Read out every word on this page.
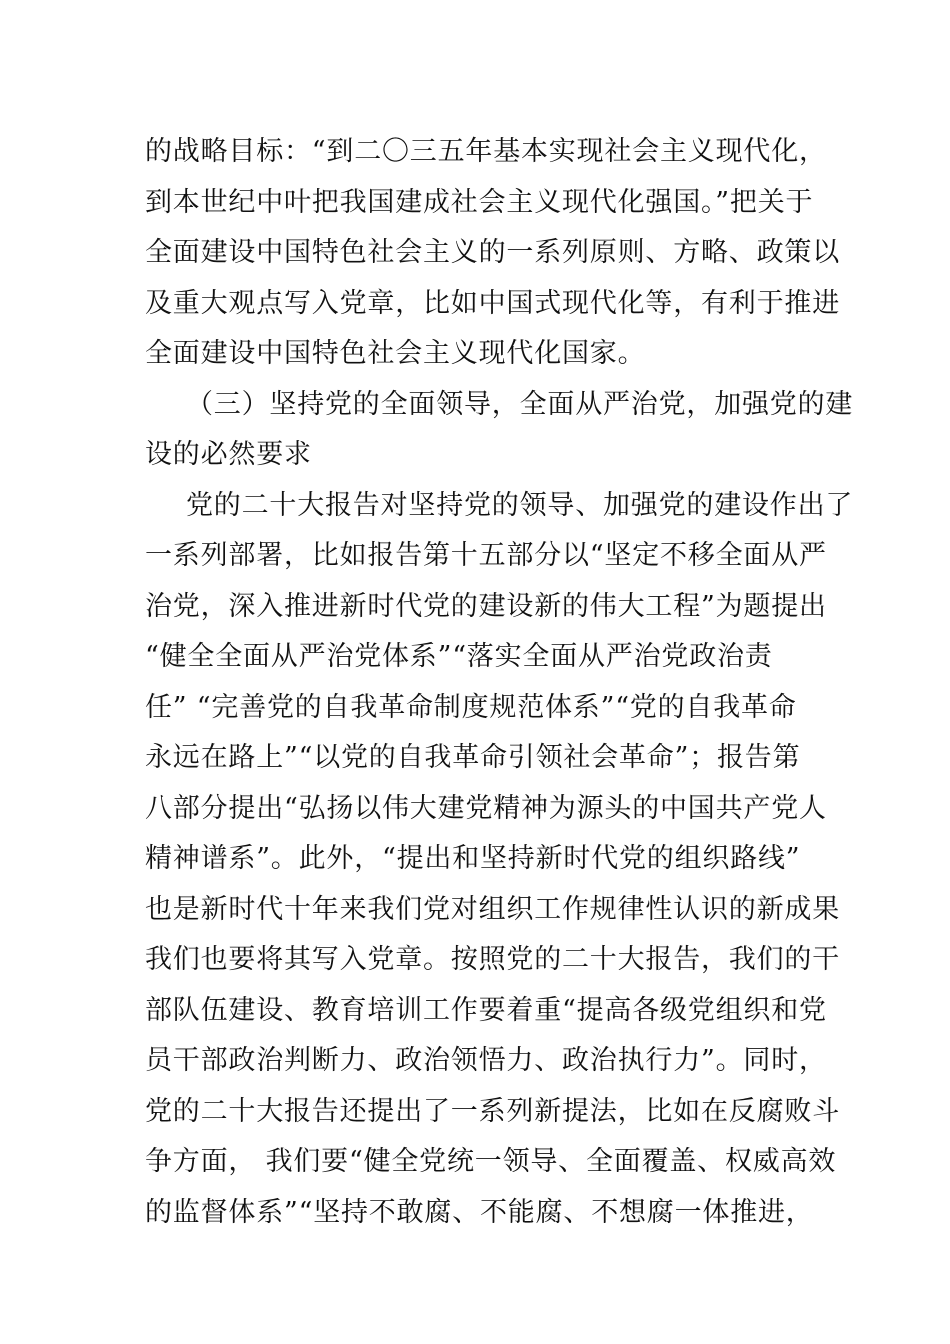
的战略目标：“到二〇三五年基本实现社会主义现代化，
到本世纪中叶把我国建成社会主义现代化强国。”把关于
全面建设中国特色社会主义的一系列原则、方略、政策以
及重大观点写入党章，比如中国式现代化等，有利于推进
全面建设中国特色社会主义现代化国家。
（三）坚持党的全面领导，全面从严治党，加强党的建
设的必然要求
党的二十大报告对坚持党的领导、加强党的建设作出了
一系列部署，比如报告第十五部分以“坚定不移全面从严
治党，深入推进新时代党的建设新的伟大工程”为题提出
“健全全面从严治党体系”“落实全面从严治党政治责
任” “完善党的自我革命制度规范体系”“党的自我革命
永远在路上”“以党的自我革命引领社会革命”；报告第
八部分提出“弘扬以伟大建党精神为源头的中国共产党人
精神谱系”。此外，“提出和坚持新时代党的组织路线”
也是新时代十年来我们党对组织工作规律性认识的新成果
我们也要将其写入党章。按照党的二十大报告，我们的干
部队伍建设、教育培训工作要着重“提高各级党组织和党
员干部政治判断力、政治领悟力、政治执行力”。同时，
党的二十大报告还提出了一系列新提法，比如在反腐败斗
争方面， 我们要“健全党统一领导、全面覆盖、权威高效
的监督体系”“坚持不敢腐、不能腐、不想腐一体推进，
